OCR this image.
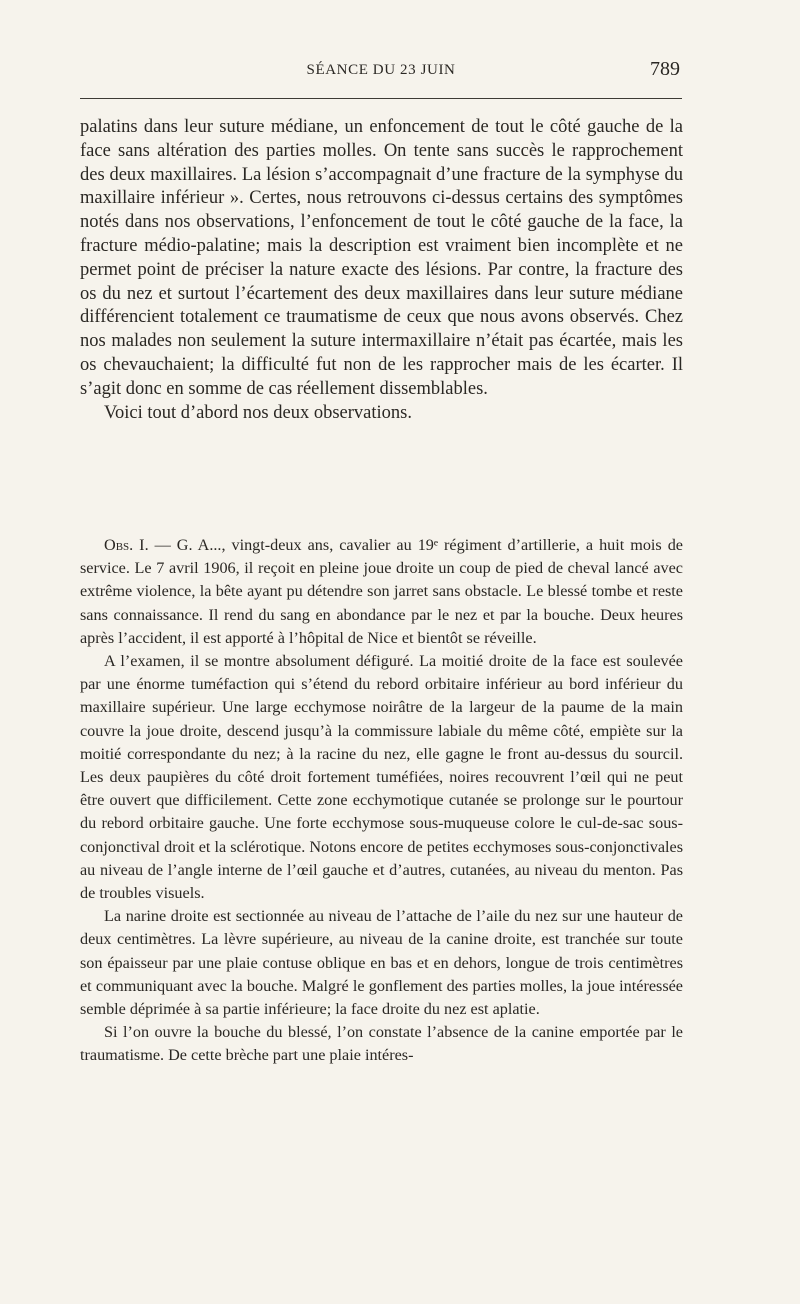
SÉANCE DU 23 JUIN	789

palatins dans leur suture médiane, un enfoncement de tout le côté gauche de la face sans altération des parties molles. On tente sans succès le rapprochement des deux maxillaires. La lésion s’accompagnait d’une fracture de la symphyse du maxillaire inférieur ». Certes, nous retrouvons ci-dessus certains des symptômes notés dans nos observations, l’enfoncement de tout le côté gauche de la face, la fracture médio-palatine; mais la description est vraiment bien incomplète et ne permet point de préciser la nature exacte des lésions. Par contre, la fracture des os du nez et surtout l’écartement des deux maxillaires dans leur suture médiane différencient totalement ce traumatisme de ceux que nous avons observés. Chez nos malades non seulement la suture intermaxillaire n’était pas écartée, mais les os chevauchaient; la difficulté fut non de les rapprocher mais de les écarter. Il s’agit donc en somme de cas réellement dissemblables.

Voici tout d’abord nos deux observations.

Obs. I. — G. A..., vingt-deux ans, cavalier au 19ᵉ régiment d’artillerie, a huit mois de service. Le 7 avril 1906, il reçoit en pleine joue droite un coup de pied de cheval lancé avec extrême violence, la bête ayant pu détendre son jarret sans obstacle. Le blessé tombe et reste sans connaissance. Il rend du sang en abondance par le nez et par la bouche. Deux heures après l’accident, il est apporté à l’hôpital de Nice et bientôt se réveille.

A l’examen, il se montre absolument défiguré. La moitié droite de la face est soulevée par une énorme tuméfaction qui s’étend du rebord orbitaire inférieur au bord inférieur du maxillaire supérieur. Une large ecchymose noirâtre de la largeur de la paume de la main couvre la joue droite, descend jusqu’à la commissure labiale du même côté, empiète sur la moitié correspondante du nez; à la racine du nez, elle gagne le front au-dessus du sourcil. Les deux paupières du côté droit fortement tuméfiées, noires recouvrent l’œil qui ne peut être ouvert que difficilement. Cette zone ecchymotique cutanée se prolonge sur le pourtour du rebord orbitaire gauche. Une forte ecchymose sous-muqueuse colore le cul-de-sac sous-conjonctival droit et la sclérotique. Notons encore de petites ecchymoses sous-conjonctivales au niveau de l’angle interne de l’œil gauche et d’autres, cutanées, au niveau du menton. Pas de troubles visuels.

La narine droite est sectionnée au niveau de l’attache de l’aile du nez sur une hauteur de deux centimètres. La lèvre supérieure, au niveau de la canine droite, est tranchée sur toute son épaisseur par une plaie contuse oblique en bas et en dehors, longue de trois centimètres et communiquant avec la bouche. Malgré le gonflement des parties molles, la joue intéressée semble déprimée à sa partie inférieure; la face droite du nez est aplatie.

Si l’on ouvre la bouche du blessé, l’on constate l’absence de la canine emportée par le traumatisme. De cette brèche part une plaie intéres-
